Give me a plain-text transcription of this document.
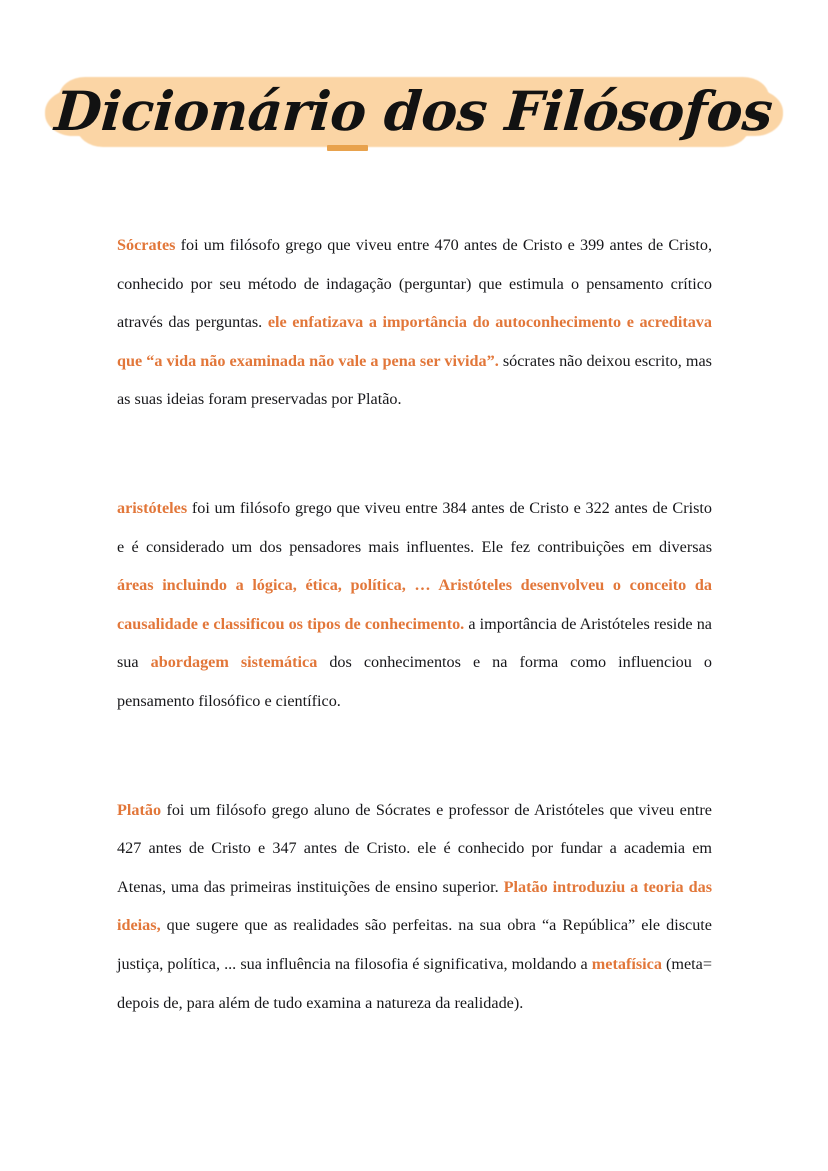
Dicionário dos Filósofos

Sócrates foi um filósofo grego que viveu entre 470 antes de Cristo e 399 antes de Cristo, conhecido por seu método de indagação (perguntar) que estimula o pensamento crítico através das perguntas. ele enfatizava a importância do autoconhecimento e acreditava que “a vida não examinada não vale a pena ser vivida”. sócrates não deixou escrito, mas as suas ideias foram preservadas por Platão.

aristóteles foi um filósofo grego que viveu entre 384 antes de Cristo e 322 antes de Cristo e é considerado um dos pensadores mais influentes. Ele fez contribuições em diversas áreas incluindo a lógica, ética, política, … Aristóteles desenvolveu o conceito da causalidade e classificou os tipos de conhecimento. a importância de Aristóteles reside na sua abordagem sistemática dos conhecimentos e na forma como influenciou o pensamento filosófico e científico.

Platão foi um filósofo grego aluno de Sócrates e professor de Aristóteles que viveu entre 427 antes de Cristo e 347 antes de Cristo. ele é conhecido por fundar a academia em Atenas, uma das primeiras instituições de ensino superior. Platão introduziu a teoria das ideias, que sugere que as realidades são perfeitas. na sua obra “a República” ele discute justiça, política, ... sua influência na filosofia é significativa, moldando a metafísica (meta= depois de, para além de tudo examina a natureza da realidade).
